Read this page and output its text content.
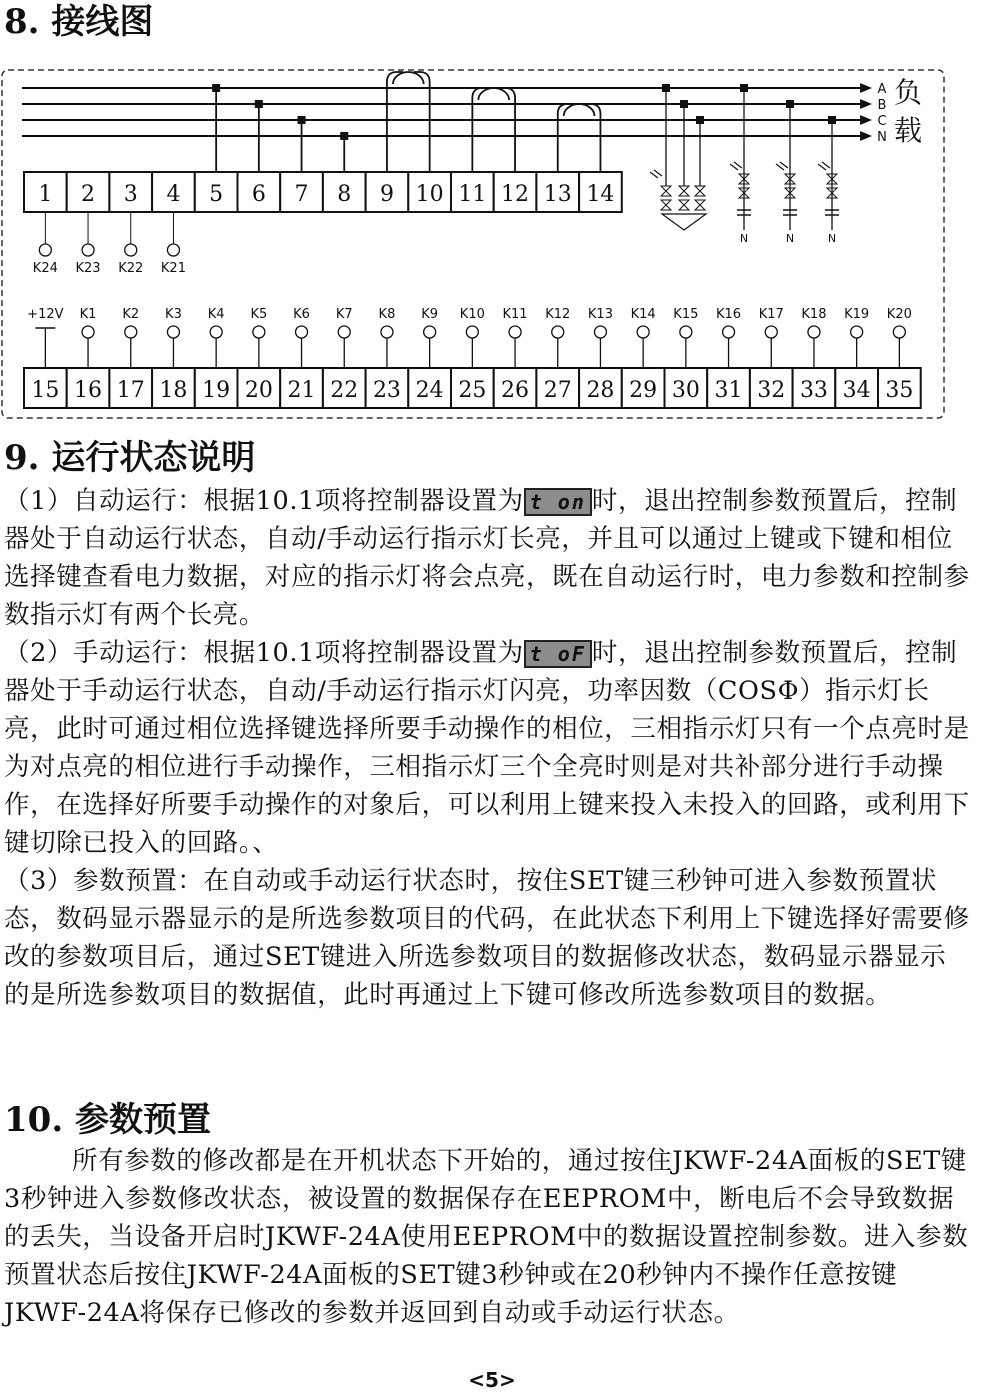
8. 接线图
A
B
C
N
负
载
1 2 3 4 5 6 7 8 9 10 11 12 13 14
K24 K23 K22 K21
15 16 17 18 19 20 21 22 23 24 25 26 27 28 29 30 31 32 33 34 35
+12V K1 K2 K3 K4 K5 K6 K7 K8 K9 K10 K11 K12 K13 K14 K15 K16 K17 K18 K19 K20
N	N	N
9. 运行状态说明

（1）自动运行：根据10.1项将控制器设置为 t on 时，退出控制参数预置后，控制器处于自动运行状态，自动/手动运行指示灯长亮，并且可以通过上键或下键和相位选择键查看电力数据，对应的指示灯将会点亮，既在自动运行时，电力参数和控制参数指示灯有两个长亮。

（2）手动运行：根据10.1项将控制器设置为 t oF 时，退出控制参数预置后，控制器处于手动运行状态，自动/手动运行指示灯闪亮，功率因数（COSΦ）指示灯长亮，此时可通过相位选择键选择所要手动操作的相位，三相指示灯只有一个点亮时是为对点亮的相位进行手动操作，三相指示灯三个全亮时则是对共补部分进行手动操作，在选择好所要手动操作的对象后，可以利用上键来投入未投入的回路，或利用下键切除已投入的回路。、

（3）参数预置：在自动或手动运行状态时，按住SET键三秒钟可进入参数预置状态，数码显示器显示的是所选参数项目的代码，在此状态下利用上下键选择好需要修改的参数项目后，通过SET键进入所选参数项目的数据修改状态，数码显示器显示的是所选参数项目的数据值，此时再通过上下键可修改所选参数项目的数据。

10. 参数预置

所有参数的修改都是在开机状态下开始的，通过按住JKWF-24A面板的SET键3秒钟进入参数修改状态，被设置的数据保存在EEPROM中，断电后不会导致数据的丢失，当设备开启时JKWF-24A使用EEPROM中的数据设置控制参数。进入参数预置状态后按住JKWF-24A面板的SET键3秒钟或在20秒钟内不操作任意按键JKWF-24A将保存已修改的参数并返回到自动或手动运行状态。

<5>
